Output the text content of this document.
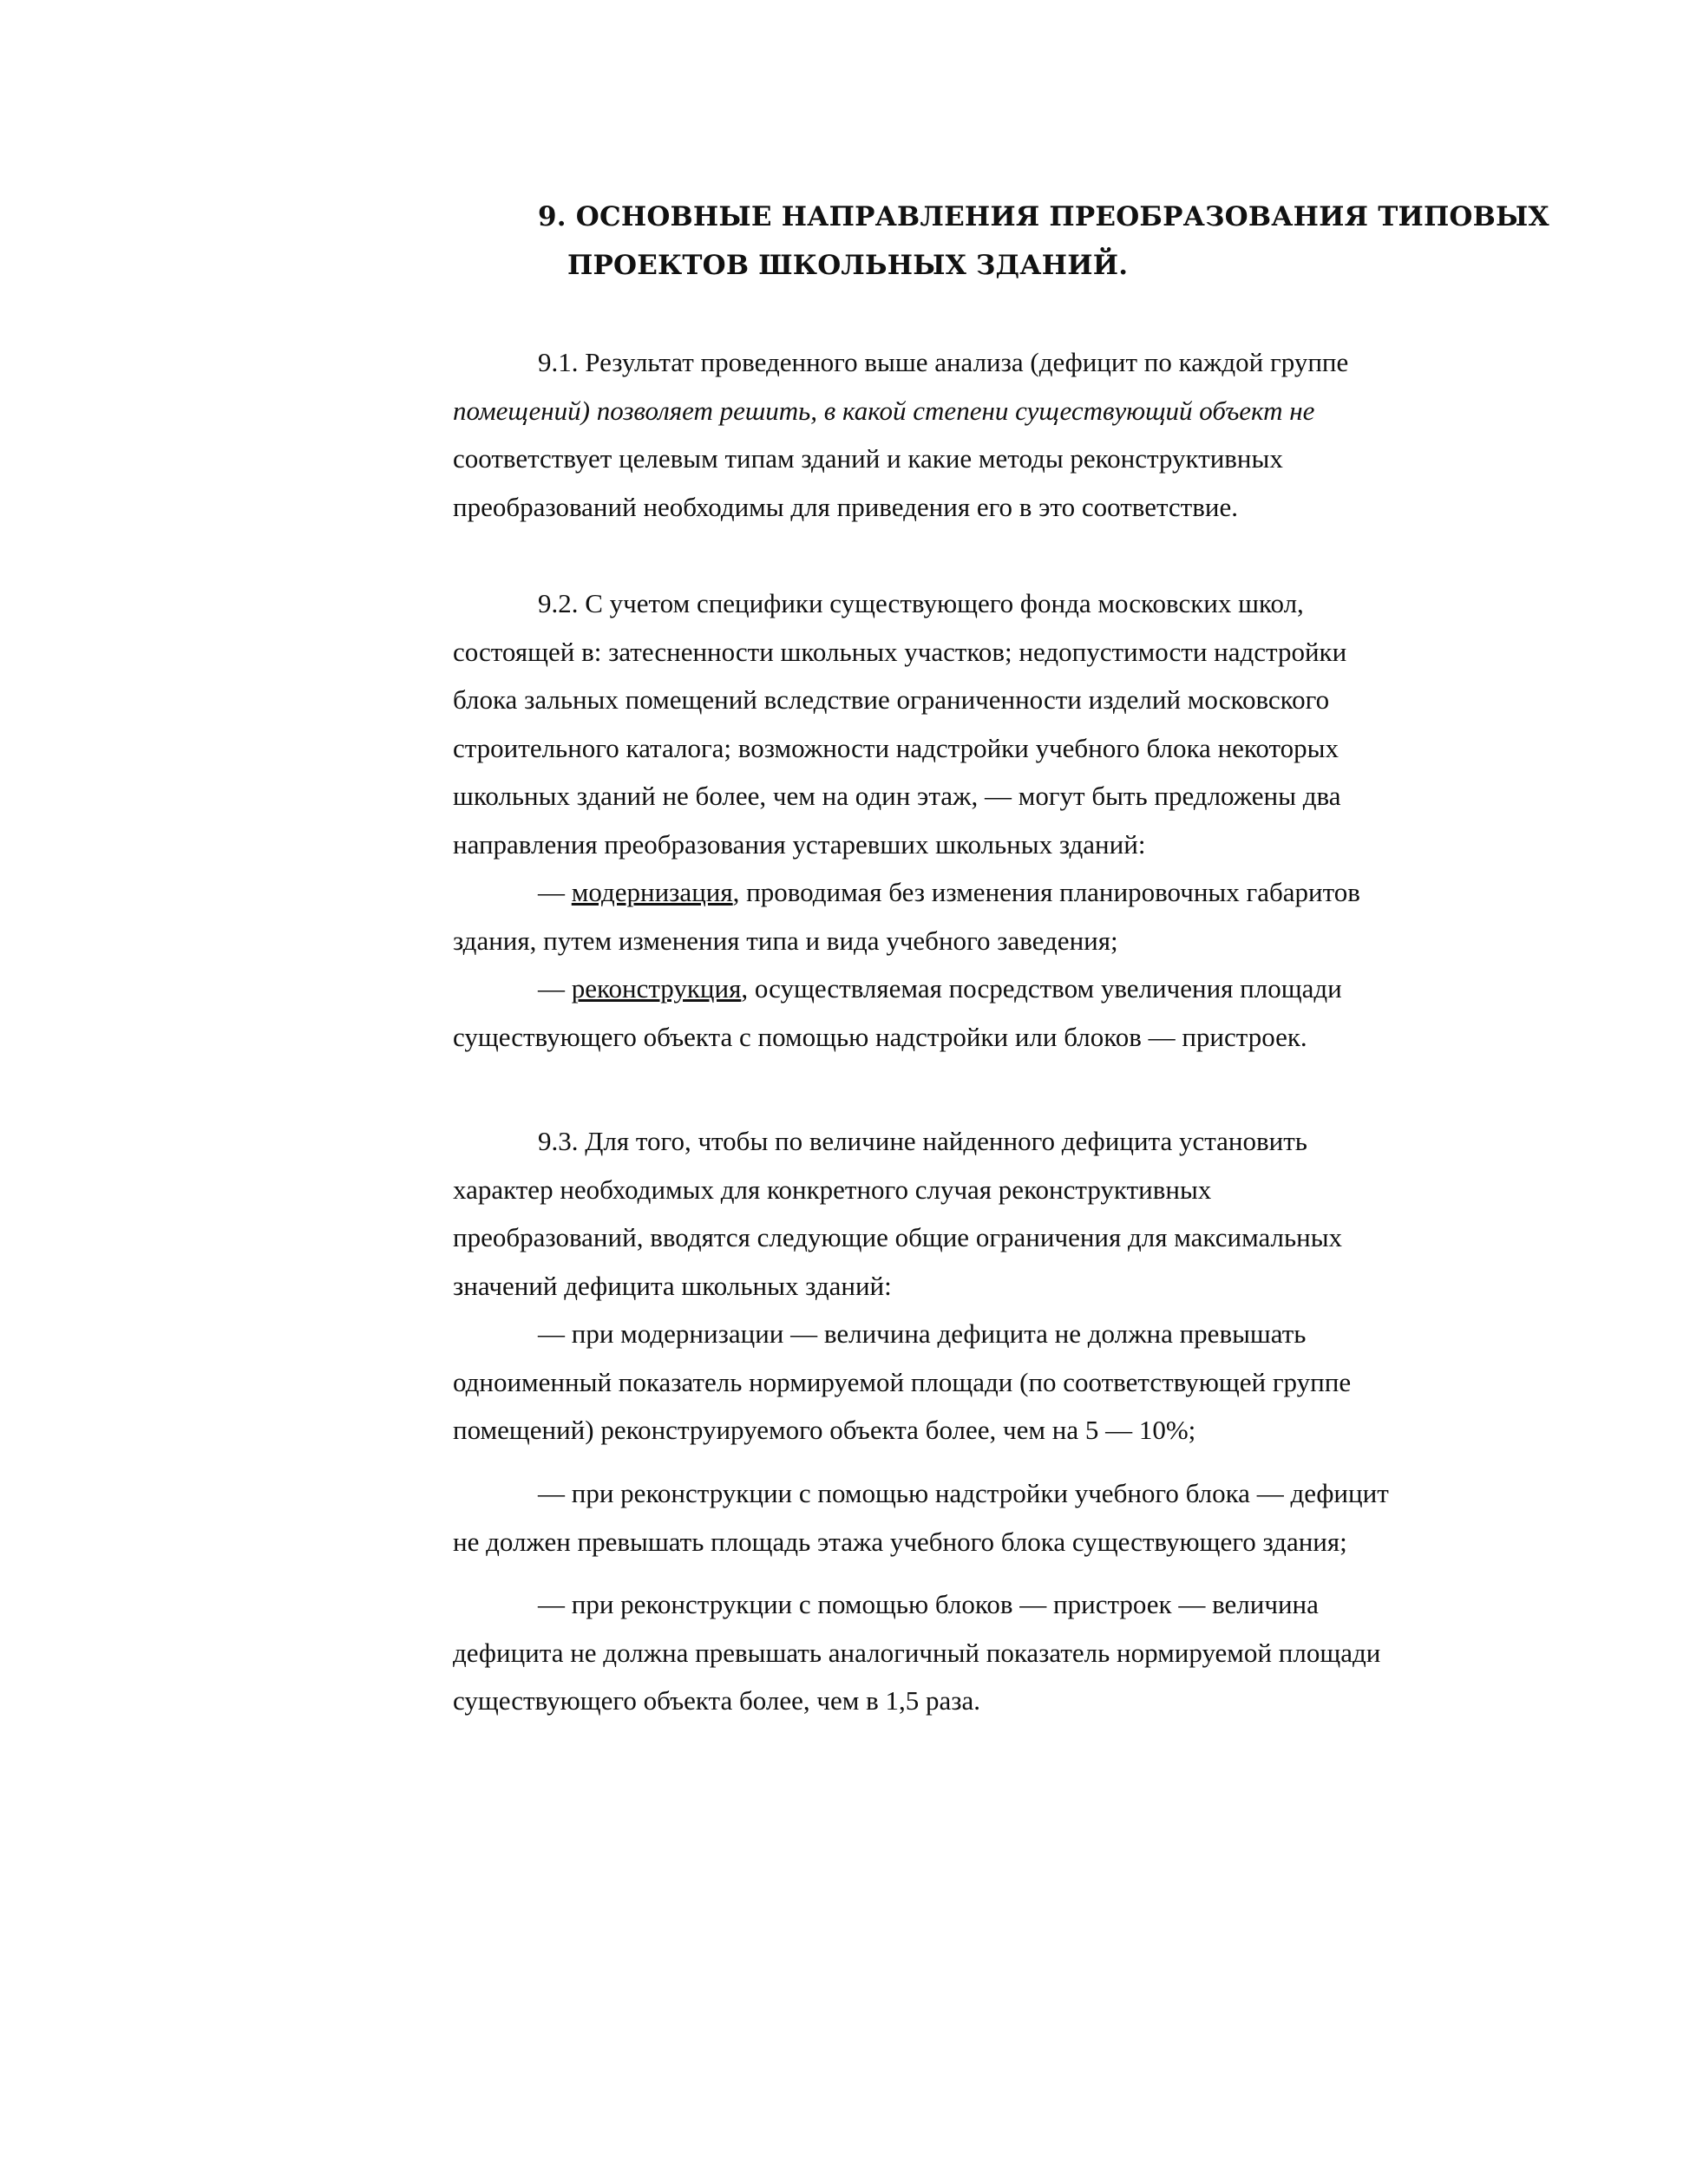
9. ОСНОВНЫЕ НАПРАВЛЕНИЯ ПРЕОБРАЗОВАНИЯ ТИПОВЫХ
ПРОЕКТОВ ШКОЛЬНЫХ ЗДАНИЙ.
9.1. Результат проведенного выше анализа (дефицит по каждой группе
помещений) позволяет решить, в какой степени существующий объект не
соответствует целевым типам зданий и какие методы реконструктивных
преобразований необходимы для приведения его в это соответствие.
9.2. С учетом специфики существующего фонда московских школ,
состоящей в: затесненности школьных участков; недопустимости надстройки
блока зальных помещений вследствие ограниченности изделий московского
строительного каталога; возможности надстройки учебного блока некоторых
школьных зданий не более, чем на один этаж, — могут быть предложены два
направления преобразования устаревших школьных зданий:
— модернизация, проводимая без изменения планировочных габаритов
здания, путем изменения типа и вида учебного заведения;
— реконструкция, осуществляемая посредством увеличения площади
существующего объекта с помощью надстройки или блоков — пристроек.
9.3. Для того, чтобы по величине найденного дефицита установить
характер необходимых для конкретного случая реконструктивных
преобразований, вводятся следующие общие ограничения для максимальных
значений дефицита школьных зданий:
— при модернизации — величина дефицита не должна превышать
одноименный показатель нормируемой площади (по соответствующей группе
помещений) реконструируемого объекта более, чем на 5 — 10%;
— при реконструкции с помощью надстройки учебного блока — дефицит
не должен превышать площадь этажа учебного блока существующего здания;
— при реконструкции с помощью блоков — пристроек — величина
дефицита не должна превышать аналогичный показатель нормируемой площади
существующего объекта более, чем в 1,5 раза.
